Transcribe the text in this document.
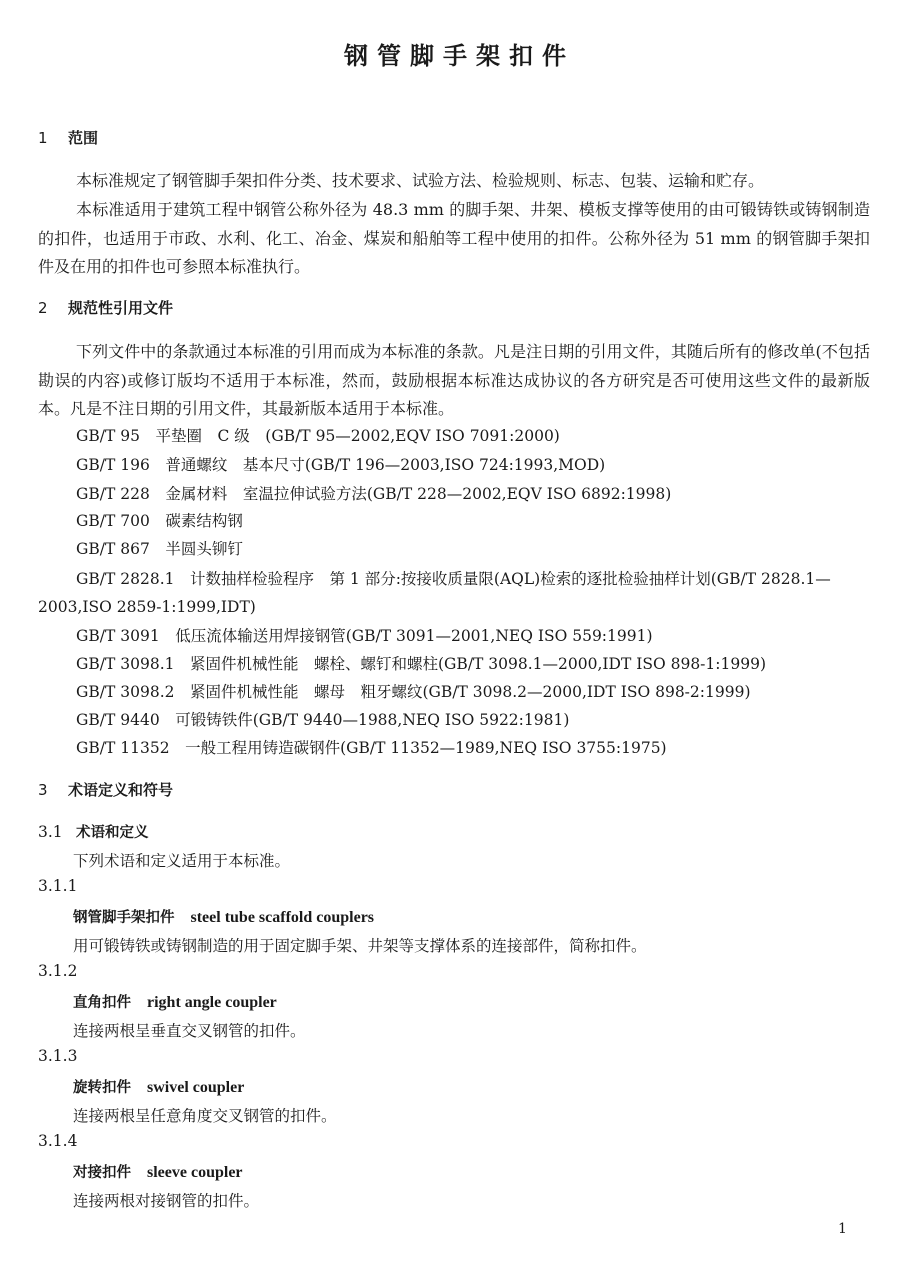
钢管脚手架扣件
1 范围
本标准规定了钢管脚手架扣件分类、技术要求、试验方法、检验规则、标志、包装、运输和贮存。
本标准适用于建筑工程中钢管公称外径为 48.3 mm 的脚手架、井架、模板支撑等使用的由可锻铸铁或铸钢制造的扣件，也适用于市政、水利、化工、冶金、煤炭和船舶等工程中使用的扣件。公称外径为 51 mm 的钢管脚手架扣件及在用的扣件也可参照本标准执行。
2 规范性引用文件
下列文件中的条款通过本标准的引用而成为本标准的条款。凡是注日期的引用文件，其随后所有的修改单(不包括勘误的内容)或修订版均不适用于本标准，然而，鼓励根据本标准达成协议的各方研究是否可使用这些文件的最新版本。凡是不注日期的引用文件，其最新版本适用于本标准。
GB/T 95　平垫圈　C 级　(GB/T 95—2002,EQV ISO 7091:2000)
GB/T 196　普通螺纹　基本尺寸(GB/T 196—2003,ISO 724:1993,MOD)
GB/T 228　金属材料　室温拉伸试验方法(GB/T 228—2002,EQV ISO 6892:1998)
GB/T 700　碳素结构钢
GB/T 867　半圆头铆钉
GB/T 2828.1　计数抽样检验程序　第 1 部分:按接收质量限(AQL)检索的逐批检验抽样计划(GB/T 2828.1—2003,ISO 2859-1:1999,IDT)
GB/T 3091　低压流体输送用焊接钢管(GB/T 3091—2001,NEQ ISO 559:1991)
GB/T 3098.1　紧固件机械性能　螺栓、螺钉和螺柱(GB/T 3098.1—2000,IDT ISO 898-1:1999)
GB/T 3098.2　紧固件机械性能　螺母　粗牙螺纹(GB/T 3098.2—2000,IDT ISO 898-2:1999)
GB/T 9440　可锻铸铁件(GB/T 9440—1988,NEQ ISO 5922:1981)
GB/T 11352　一般工程用铸造碳钢件(GB/T 11352—1989,NEQ ISO 3755:1975)
3 术语定义和符号
3.1 术语和定义
下列术语和定义适用于本标准。
3.1.1
钢管脚手架扣件 steel tube scaffold couplers
用可锻铸铁或铸钢制造的用于固定脚手架、井架等支撑体系的连接部件，简称扣件。
3.1.2
直角扣件 right angle coupler
连接两根呈垂直交叉钢管的扣件。
3.1.3
旋转扣件 swivel coupler
连接两根呈任意角度交叉钢管的扣件。
3.1.4
对接扣件 sleeve coupler
连接两根对接钢管的扣件。
1
